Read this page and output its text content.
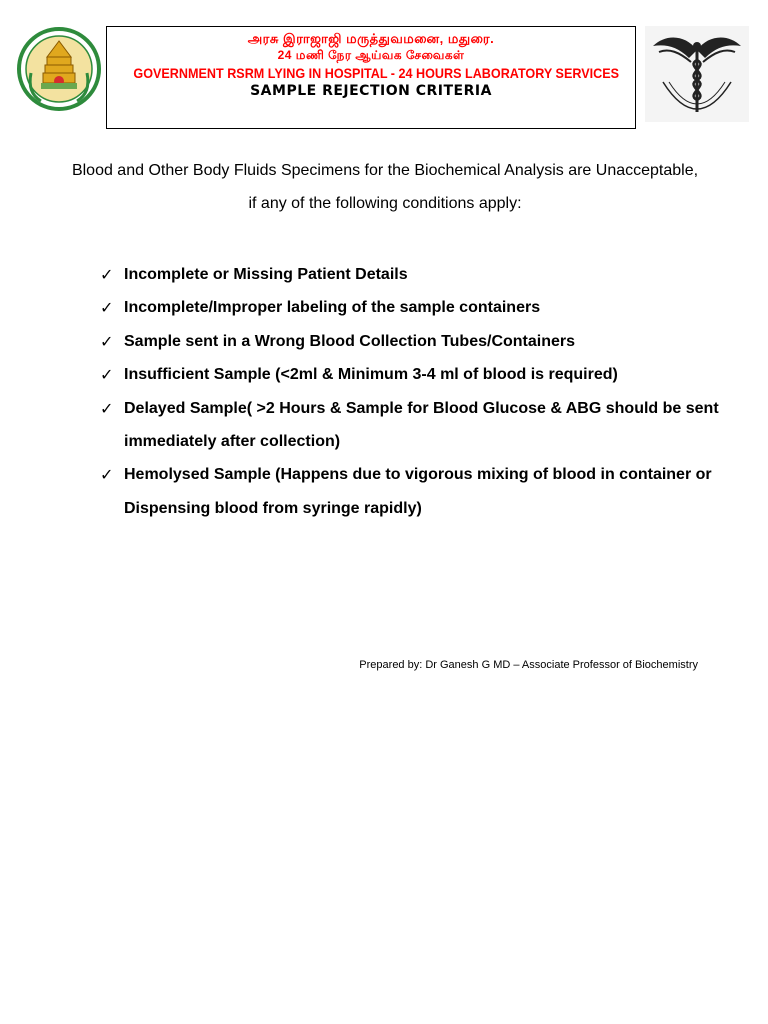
அரசு இராஜாஜி மருத்துவமனை, மதுரை.
24 மணி நேர ஆய்வக சேவைகள்
GOVERNMENT RSRM LYING IN HOSPITAL - 24 HOURS LABORATORY SERVICES
SAMPLE REJECTION CRITERIA
Blood and Other Body Fluids Specimens for the Biochemical Analysis are Unacceptable,
if any of the following conditions apply:
✓ Incomplete or Missing Patient Details
✓ Incomplete/Improper labeling of the sample containers
✓ Sample sent in a Wrong Blood Collection Tubes/Containers
✓ Insufficient Sample (<2ml & Minimum 3-4 ml of blood is required)
✓ Delayed Sample( >2 Hours & Sample for Blood Glucose & ABG should be sent immediately after collection)
✓ Hemolysed Sample (Happens due to vigorous mixing of blood in container or Dispensing blood from syringe rapidly)
Prepared by: Dr Ganesh G MD – Associate Professor of Biochemistry
